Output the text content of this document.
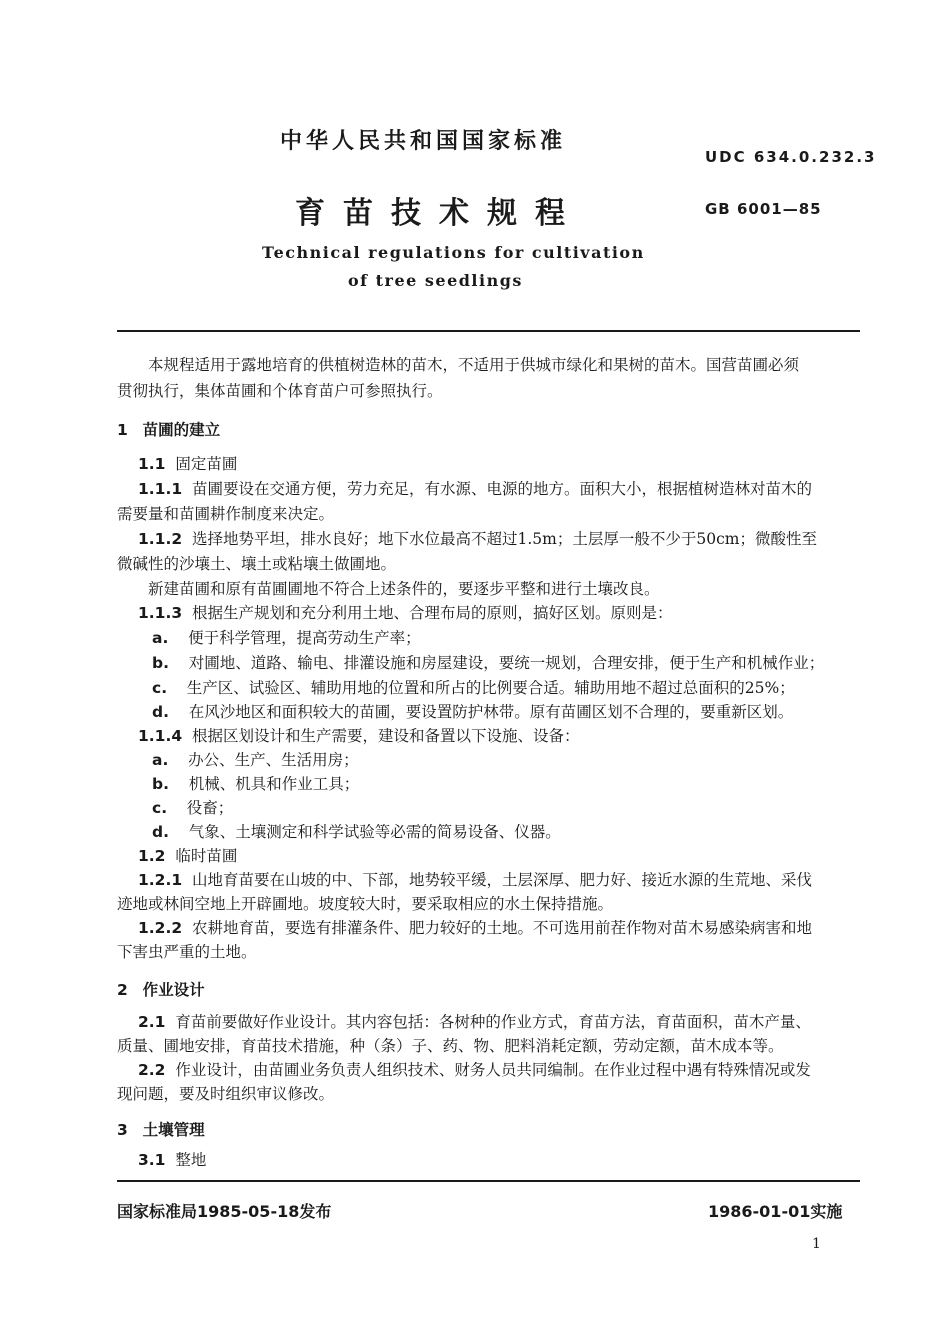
中华人民共和国国家标准
UDC 634.0.232.3
育苗技术规程	GB 6001—85
Technical regulations for cultivation
of tree seedlings
本规程适用于露地培育的供植树造林的苗木，不适用于供城市绿化和果树的苗木。国营苗圃必须
贯彻执行，集体苗圃和个体育苗户可参照执行。
1 苗圃的建立
1.1 固定苗圃
1.1.1 苗圃要设在交通方便，劳力充足，有水源、电源的地方。面积大小，根据植树造林对苗木的
需要量和苗圃耕作制度来决定。
1.1.2 选择地势平坦，排水良好；地下水位最高不超过1.5m；土层厚一般不少于50cm；微酸性至
微碱性的沙壤土、壤土或粘壤土做圃地。
新建苗圃和原有苗圃圃地不符合上述条件的，要逐步平整和进行土壤改良。
1.1.3 根据生产规划和充分利用土地、合理布局的原则，搞好区划。原则是：
a. 便于科学管理，提高劳动生产率；
b. 对圃地、道路、输电、排灌设施和房屋建设，要统一规划，合理安排，便于生产和机械作业；
c. 生产区、试验区、辅助用地的位置和所占的比例要合适。辅助用地不超过总面积的25%；
d. 在风沙地区和面积较大的苗圃，要设置防护林带。原有苗圃区划不合理的，要重新区划。
1.1.4 根据区划设计和生产需要，建设和备置以下设施、设备：
a. 办公、生产、生活用房；
b. 机械、机具和作业工具；
c. 役畜；
d. 气象、土壤测定和科学试验等必需的简易设备、仪器。
1.2 临时苗圃
1.2.1 山地育苗要在山坡的中、下部，地势较平缓，土层深厚、肥力好、接近水源的生荒地、采伐
迹地或林间空地上开辟圃地。坡度较大时，要采取相应的水土保持措施。
1.2.2 农耕地育苗，要选有排灌条件、肥力较好的土地。不可选用前茬作物对苗木易感染病害和地
下害虫严重的土地。
2 作业设计
2.1 育苗前要做好作业设计。其内容包括：各树种的作业方式，育苗方法，育苗面积，苗木产量、
质量、圃地安排，育苗技术措施，种（条）子、药、物、肥料消耗定额，劳动定额，苗木成本等。
2.2 作业设计，由苗圃业务负责人组织技术、财务人员共同编制。在作业过程中遇有特殊情况或发
现问题，要及时组织审议修改。
3 土壤管理
3.1 整地
国家标准局1985-05-18发布	1986-01-01实施
1
